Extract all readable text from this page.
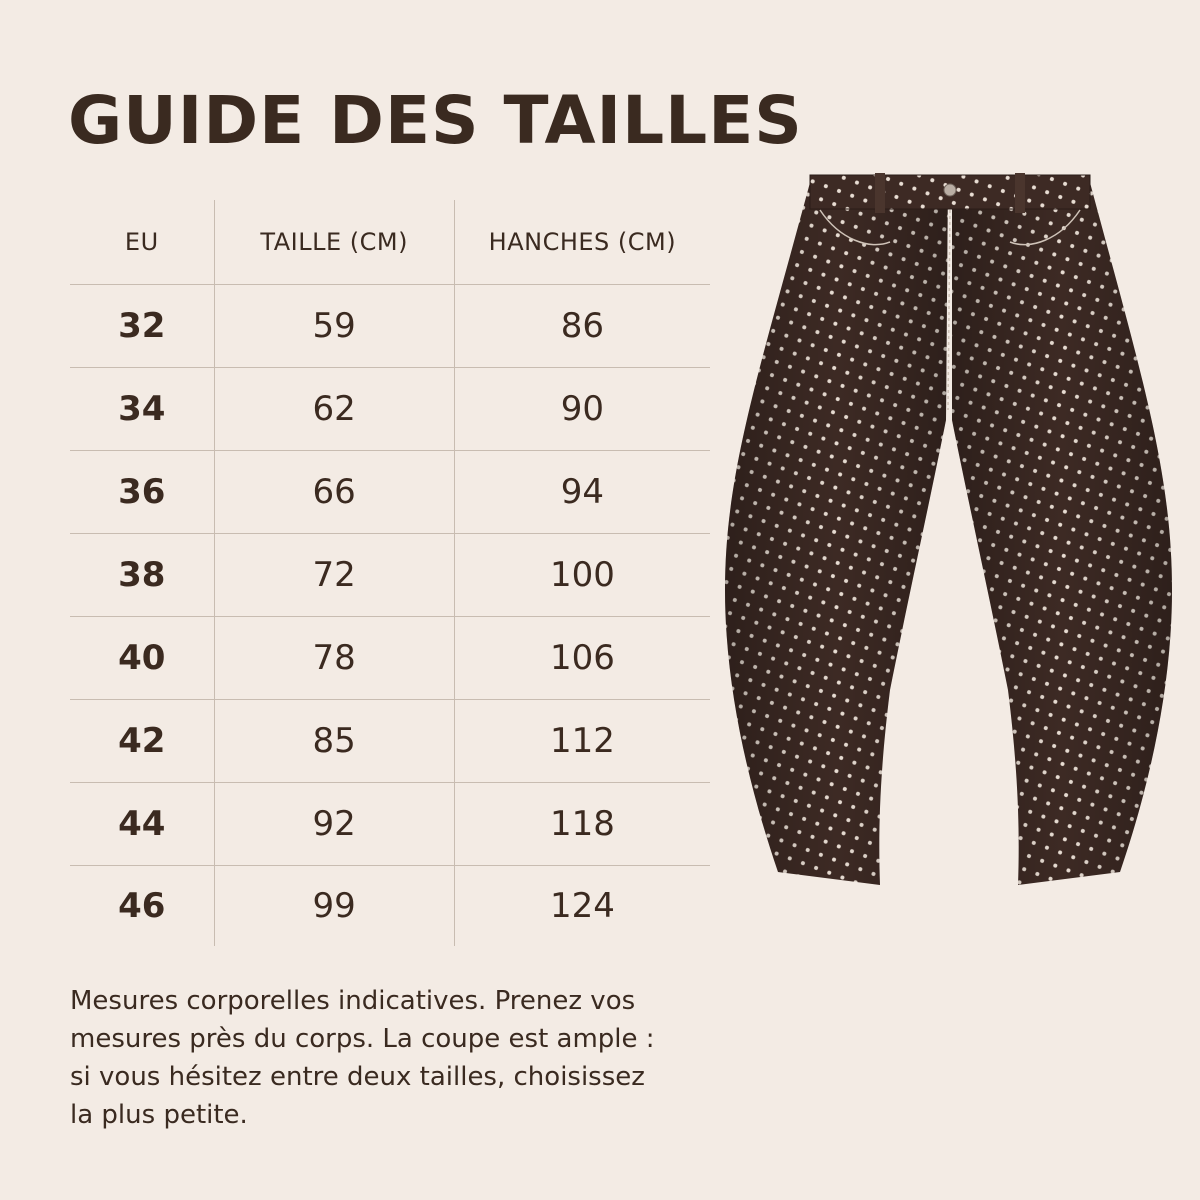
GUIDE DES TAILLES
EU	TAILLE (CM)	HANCHES (CM)
32	59	86
34	62	90
36	66	94
38	72	100
40	78	106
42	85	112
44	92	118
46	99	124

Mesures corporelles indicatives. Prenez vos mesures près du corps. La coupe est ample : si vous hésitez entre deux tailles, choisissez la plus petite.
